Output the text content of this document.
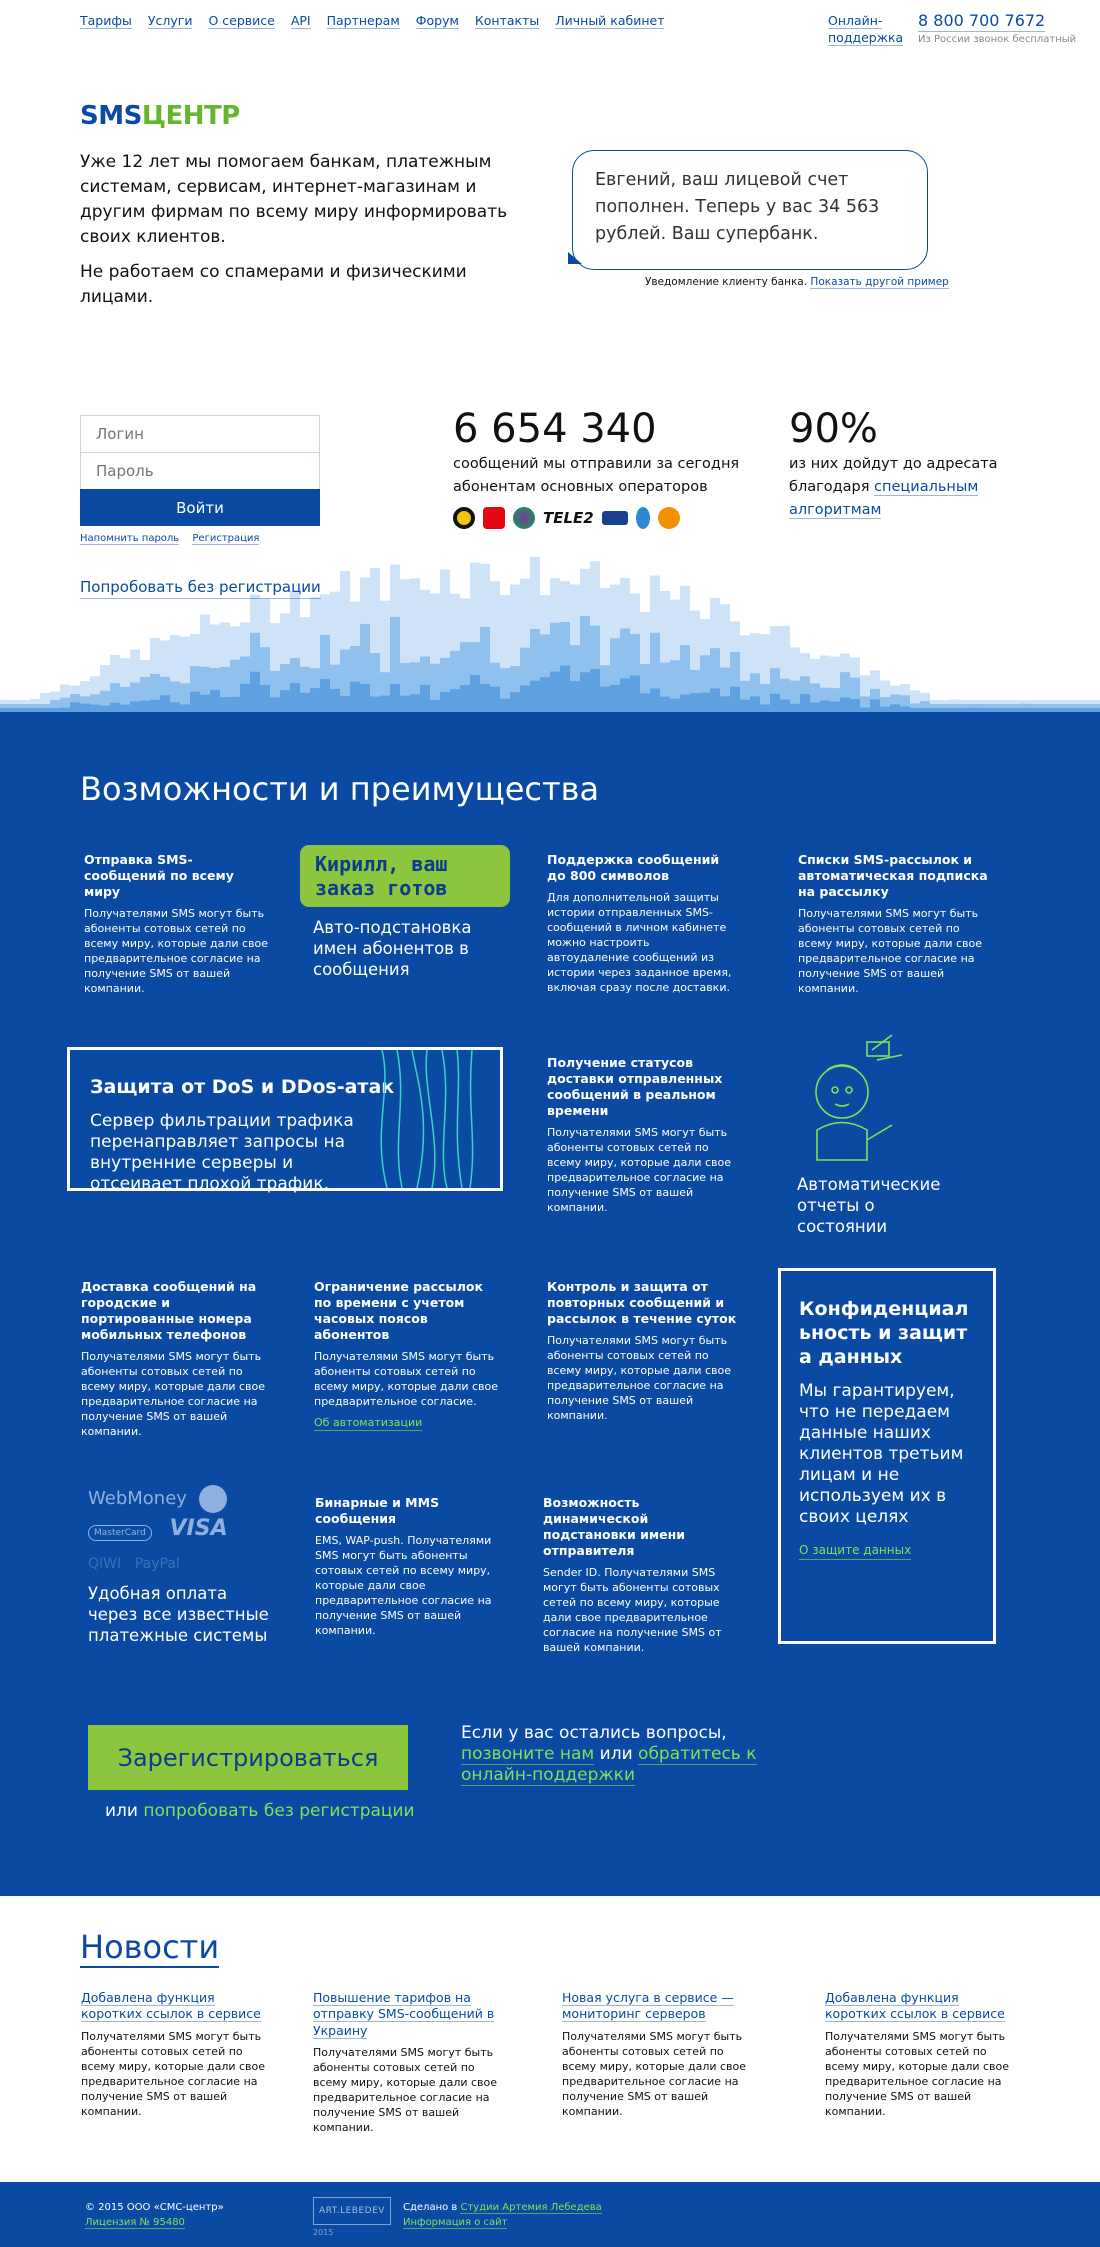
Тарифы Услуги О сервисе API Партнерам Форум Контакты Личный кабинет	Онлайн-
поддержка
8 800 700 7672
Из России звонок бесплатный
SMSЦЕНТР

Уже 12 лет мы помогаем банкам, платежным системам, сервисам, интернет-магазинам и другим фирмам по всему миру информировать своих клиентов.

Не работаем со спамерами и физическими лицами.

Евгений, ваш лицевой счет пополнен. Теперь у вас 34 563 рублей. Ваш супербанк.
Уведомление клиенту банка. Показать другой пример
Логин  Войти
Напомнить пароль Регистрация
Попробовать без регистрации
6 654 340
сообщений мы отправили за сегодня абонентам основных операторов
TELE2
90%
из них дойдут до адресата благодаря специальным алгоритмам
Возможности и преимущества
Отправка SMS-сообщений по всему миру
Получателями SMS могут быть абоненты сотовых сетей по всему миру, которые дали свое предварительное согласие на получение SMS от вашей компании.
Кирилл, ваш заказ готов
Авто-подстановка имен абонентов в сообщения
Поддержка сообщений до 800 символов
Для дополнительной защиты истории отправленных SMS-сообщений в личном кабинете можно настроить автоудаление сообщений из истории через заданное время, включая сразу после доставки.
Списки SMS-рассылок и автоматическая подписка на рассылку
Получателями SMS могут быть абоненты сотовых сетей по всему миру, которые дали свое предварительное согласие на получение SMS от вашей компании.
Защита от DoS и DDos-атак
Сервер фильтрации трафика перенаправляет запросы на внутренние серверы и отсеивает плохой трафик.
Получение статусов доставки отправленных сообщений в реальном времени
Получателями SMS могут быть абоненты сотовых сетей по всему миру, которые дали свое предварительное согласие на получение SMS от вашей компании.
Автоматические отчеты о состоянии
Доставка сообщений на городские и портированные номера мобильных телефонов
Получателями SMS могут быть абоненты сотовых сетей по всему миру, которые дали свое предварительное согласие на получение SMS от вашей компании.
Ограничение рассылок по времени с учетом часовых поясов абонентов
Получателями SMS могут быть абоненты сотовых сетей по всему миру, которые дали свое предварительное согласие.
Об автоматизации
Контроль и защита от повторных сообщений и рассылок в течение суток
Получателями SMS могут быть абоненты сотовых сетей по всему миру, которые дали свое предварительное согласие на получение SMS от вашей компании.
Конфиденциальность и защита данных
Мы гарантируем, что не передаем данные наших клиентов третьим лицам и не используем их в своих целях
О защите данных
WebMoney
MasterCard VISA
QIWI PayPal
Удобная оплата через все известные платежные системы
Бинарные и MMS сообщения
EMS, WAP-push. Получателями SMS могут быть абоненты сотовых сетей по всему миру, которые дали свое предварительное согласие на получение SMS от вашей компании.
Возможность динамической подстановки имени отправителя
Sender ID. Получателями SMS могут быть абоненты сотовых сетей по всему миру, которые дали свое предварительное согласие на получение SMS от вашей компании.
Зарегистрироваться
или попробовать без регистрации
Если у вас остались вопросы,
позвоните нам или обратитесь к онлайн-поддержки
Новости
Добавлена функция коротких ссылок в сервисе
Получателями SMS могут быть абоненты сотовых сетей по всему миру, которые дали свое предварительное согласие на получение SMS от вашей компании.
Повышение тарифов на отправку SMS-сообщений в Украину
Получателями SMS могут быть абоненты сотовых сетей по всему миру, которые дали свое предварительное согласие на получение SMS от вашей компании.
Новая услуга в сервисе — мониторинг серверов
Получателями SMS могут быть абоненты сотовых сетей по всему миру, которые дали свое предварительное согласие на получение SMS от вашей компании.
Добавлена функция коротких ссылок в сервисе
Получателями SMS могут быть абоненты сотовых сетей по всему миру, которые дали свое предварительное согласие на получение SMS от вашей компании.
© 2015 ООО «СМС-центр»
Лицензия № 95480
ART.LEBEDEV
2015
Сделано в Студии Артемия Лебедева
Информация о сайт
